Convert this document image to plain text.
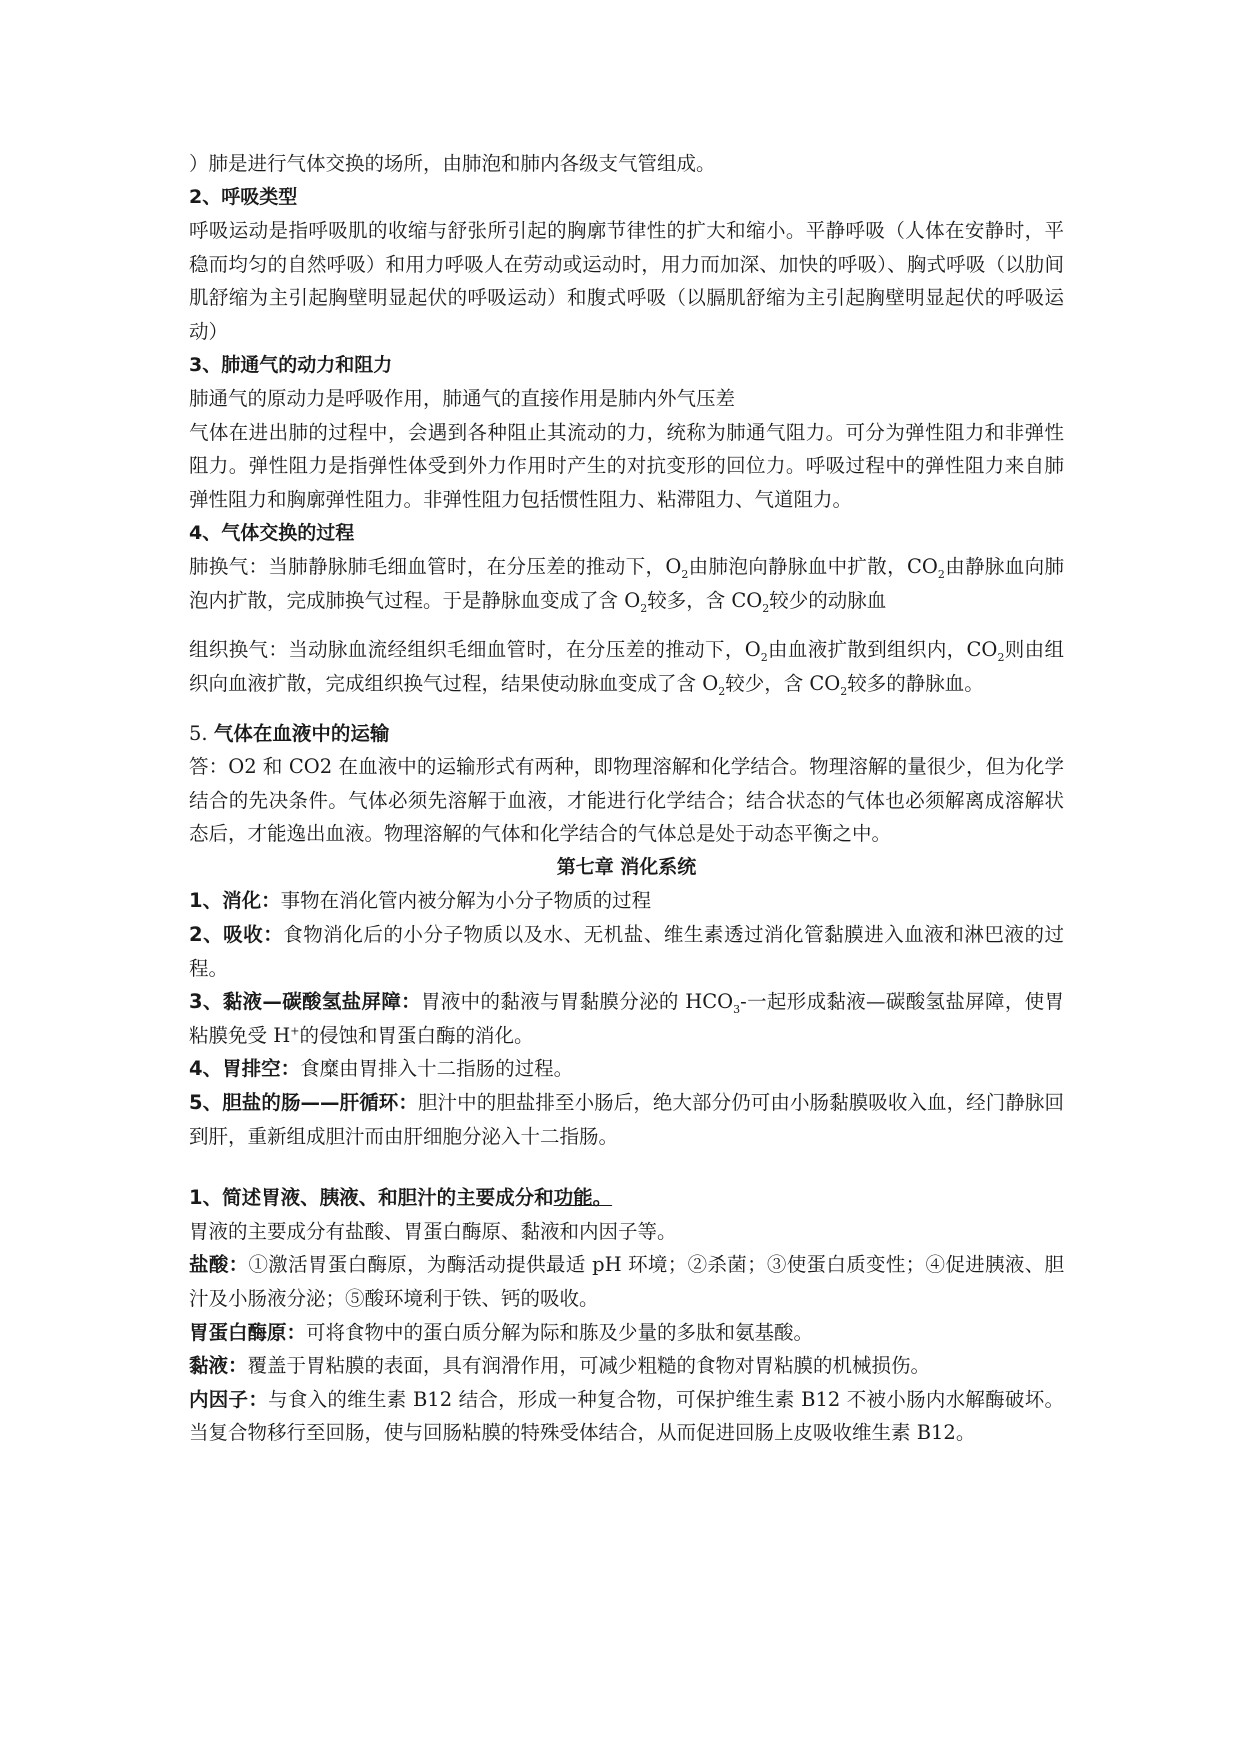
）肺是进行气体交换的场所，由肺泡和肺内各级支气管组成。

2、呼吸类型

呼吸运动是指呼吸肌的收缩与舒张所引起的胸廓节律性的扩大和缩小。平静呼吸（人体在安静时，平稳而均匀的自然呼吸）和用力呼吸人在劳动或运动时，用力而加深、加快的呼吸）、胸式呼吸（以肋间肌舒缩为主引起胸壁明显起伏的呼吸运动）和腹式呼吸（以膈肌舒缩为主引起胸壁明显起伏的呼吸运动）

3、肺通气的动力和阻力

肺通气的原动力是呼吸作用，肺通气的直接作用是肺内外气压差

气体在进出肺的过程中，会遇到各种阻止其流动的力，统称为肺通气阻力。可分为弹性阻力和非弹性阻力。弹性阻力是指弹性体受到外力作用时产生的对抗变形的回位力。呼吸过程中的弹性阻力来自肺弹性阻力和胸廓弹性阻力。非弹性阻力包括惯性阻力、粘滞阻力、气道阻力。

4、气体交换的过程

肺换气：当肺静脉肺毛细血管时，在分压差的推动下，$O_2$由肺泡向静脉血中扩散，$CO_2$由静脉血向肺泡内扩散，完成肺换气过程。于是静脉血变成了含 $O_2$较多，含 $CO_2$较少的动脉血

组织换气：当动脉血流经组织毛细血管时，在分压差的推动下，$O_2$由血液扩散到组织内，$CO_2$则由组织向血液扩散，完成组织换气过程，结果使动脉血变成了含 $O_2$较少，含 $CO_2$较多的静脉血。

5. 气体在血液中的运输

答：O2 和 CO2 在血液中的运输形式有两种，即物理溶解和化学结合。物理溶解的量很少，但为化学结合的先决条件。气体必须先溶解于血液，才能进行化学结合；结合状态的气体也必须解离成溶解状态后，才能逸出血液。物理溶解的气体和化学结合的气体总是处于动态平衡之中。

第七章 消化系统

1、消化：事物在消化管内被分解为小分子物质的过程

2、吸收：食物消化后的小分子物质以及水、无机盐、维生素透过消化管黏膜进入血液和淋巴液的过程。

3、黏液—碳酸氢盐屏障：胃液中的黏液与胃黏膜分泌的 $HCO_3-$一起形成黏液—碳酸氢盐屏障，使胃粘膜免受 H+的侵蚀和胃蛋白酶的消化。

4、胃排空：食糜由胃排入十二指肠的过程。

5、胆盐的肠——肝循环：胆汁中的胆盐排至小肠后，绝大部分仍可由小肠黏膜吸收入血，经门静脉回到肝，重新组成胆汁而由肝细胞分泌入十二指肠。

1、简述胃液、胰液、和胆汁的主要成分和功能。

胃液的主要成分有盐酸、胃蛋白酶原、黏液和内因子等。

盐酸：①激活胃蛋白酶原，为酶活动提供最适 pH 环境；②杀菌；③使蛋白质变性；④促进胰液、胆汁及小肠液分泌；⑤酸环境利于铁、钙的吸收。

胃蛋白酶原：可将食物中的蛋白质分解为际和胨及少量的多肽和氨基酸。

黏液：覆盖于胃粘膜的表面，具有润滑作用，可减少粗糙的食物对胃粘膜的机械损伤。

内因子：与食入的维生素 B12 结合，形成一种复合物，可保护维生素 B12 不被小肠内水解酶破坏。当复合物移行至回肠，使与回肠粘膜的特殊受体结合，从而促进回肠上皮吸收维生素 B12。
